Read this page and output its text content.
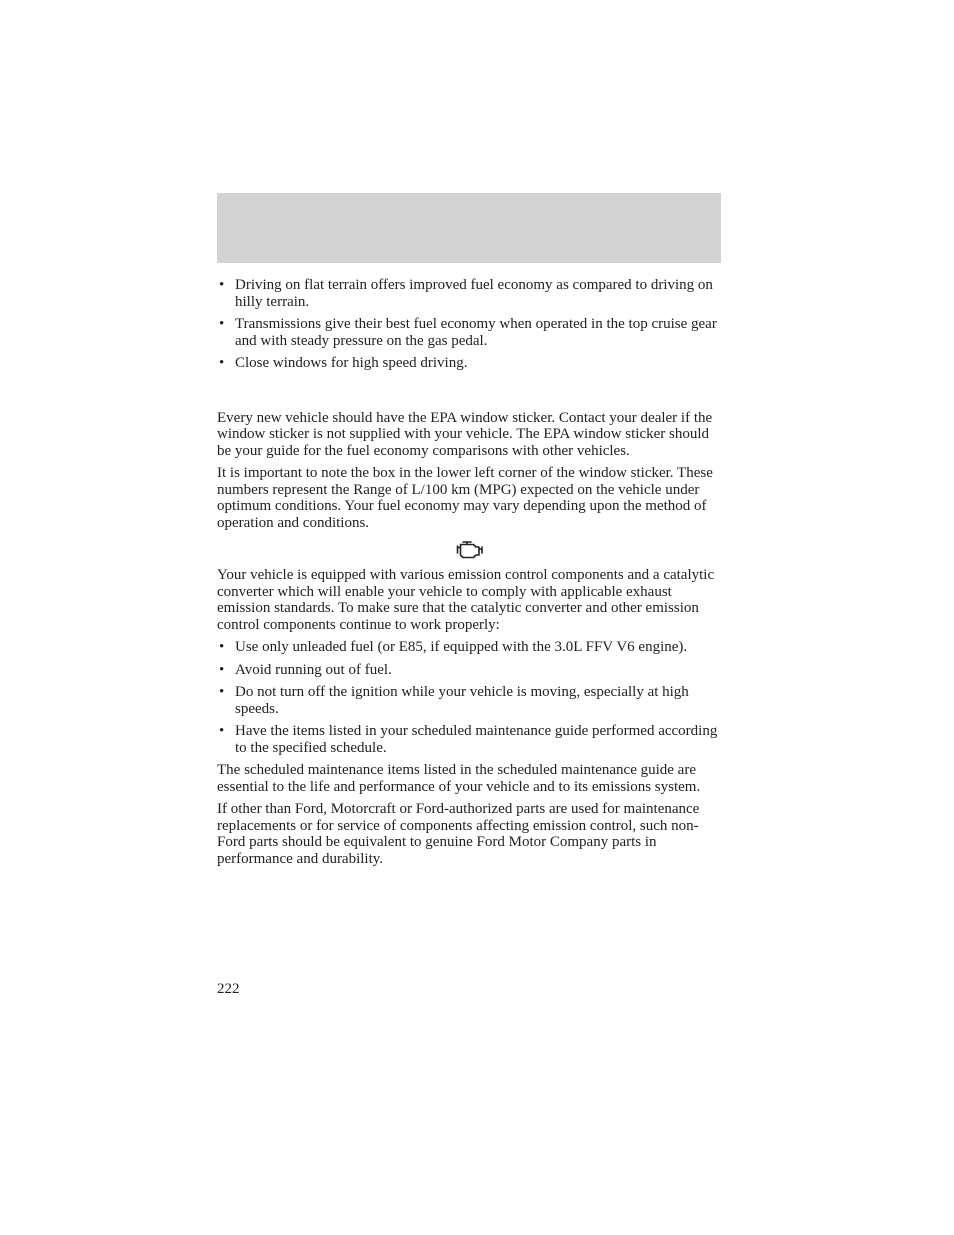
• Driving on flat terrain offers improved fuel economy as compared to driving on hilly terrain.
• Transmissions give their best fuel economy when operated in the top cruise gear and with steady pressure on the gas pedal.
• Close windows for high speed driving.

Every new vehicle should have the EPA window sticker. Contact your dealer if the window sticker is not supplied with your vehicle. The EPA window sticker should be your guide for the fuel economy comparisons with other vehicles.

It is important to note the box in the lower left corner of the window sticker. These numbers represent the Range of L/100 km (MPG) expected on the vehicle under optimum conditions. Your fuel economy may vary depending upon the method of operation and conditions.

Your vehicle is equipped with various emission control components and a catalytic converter which will enable your vehicle to comply with applicable exhaust emission standards. To make sure that the catalytic converter and other emission control components continue to work properly:

• Use only unleaded fuel (or E85, if equipped with the 3.0L FFV V6 engine).
• Avoid running out of fuel.
• Do not turn off the ignition while your vehicle is moving, especially at high speeds.
• Have the items listed in your scheduled maintenance guide performed according to the specified schedule.

The scheduled maintenance items listed in the scheduled maintenance guide are essential to the life and performance of your vehicle and to its emissions system.

If other than Ford, Motorcraft or Ford-authorized parts are used for maintenance replacements or for service of components affecting emission control, such non-Ford parts should be equivalent to genuine Ford Motor Company parts in performance and durability.

222
